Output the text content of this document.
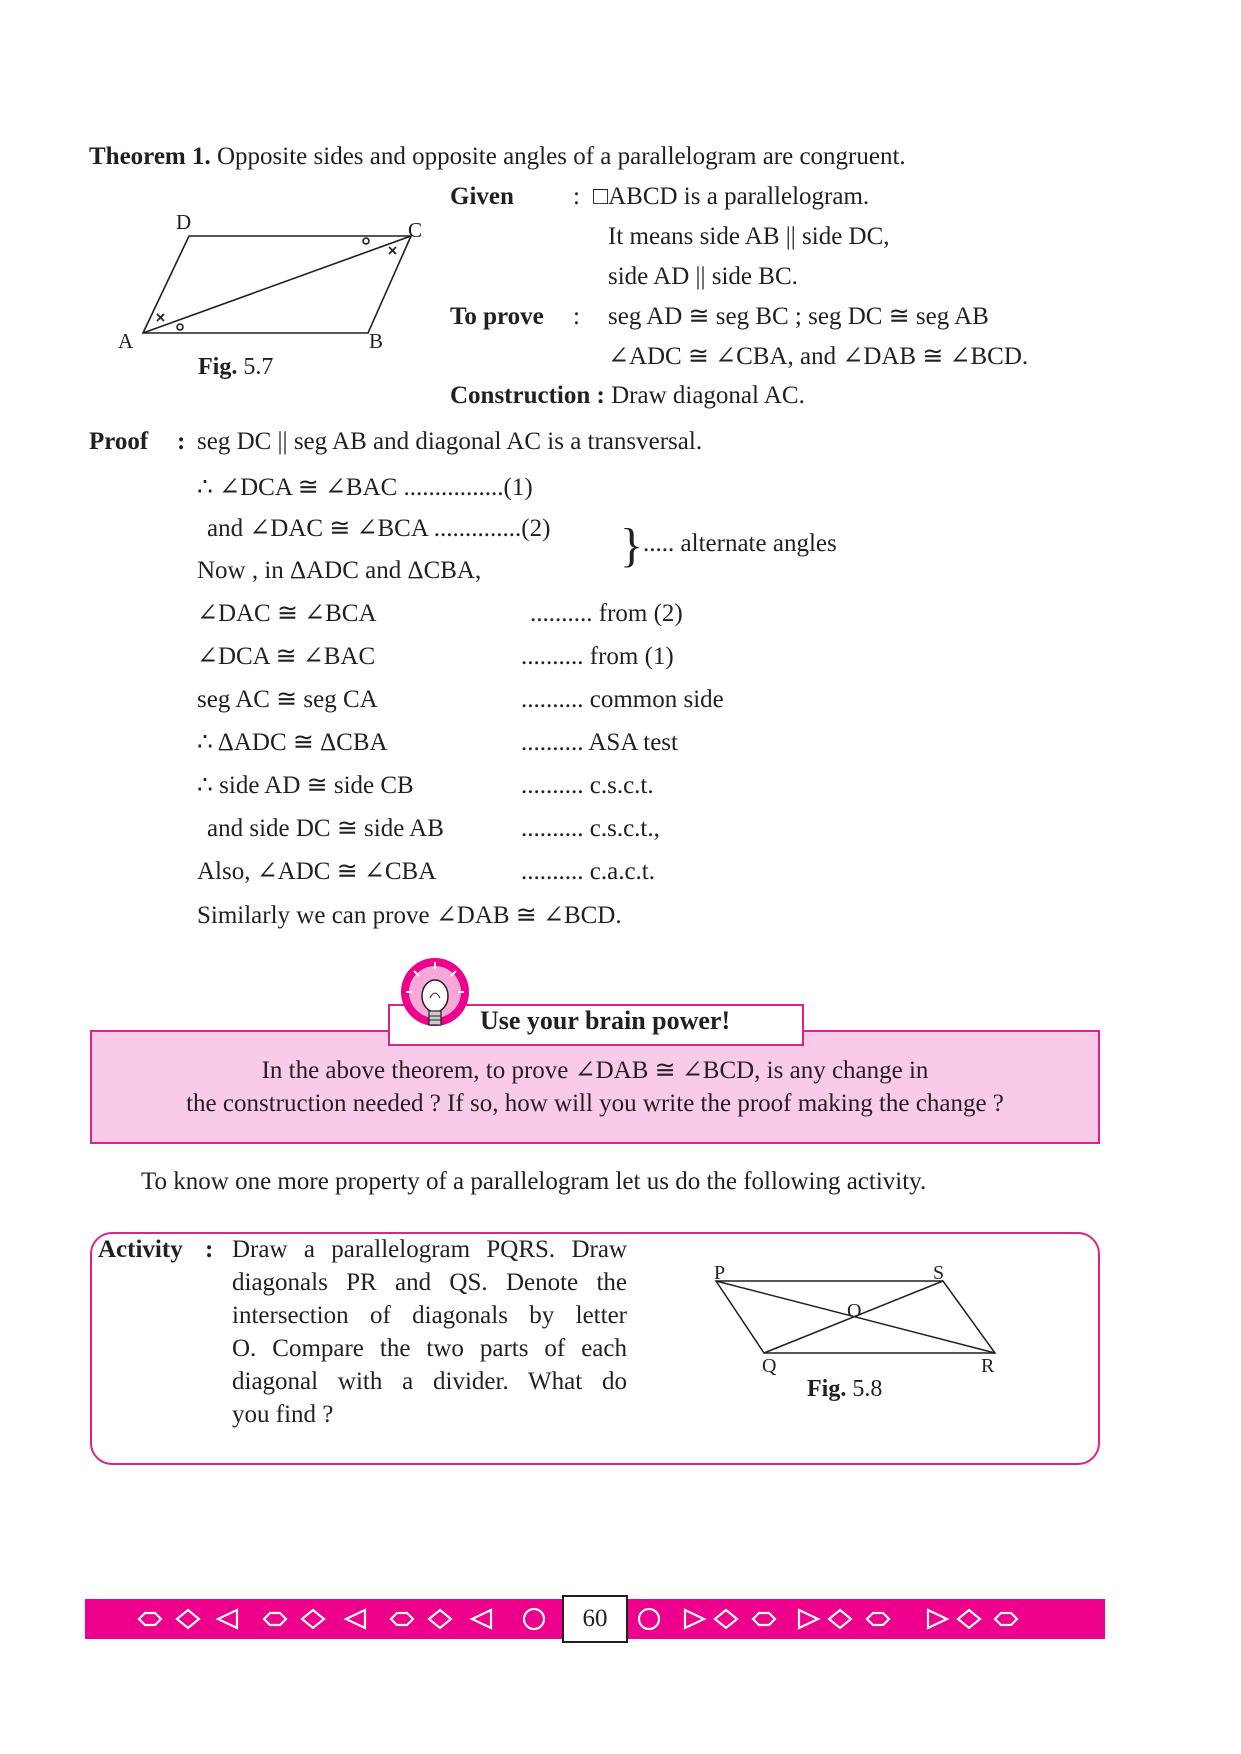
Theorem 1. Opposite sides and opposite angles of a parallelogram are congruent.
A	B
C
D
Fig. 5.7
Given : □ABCD is a parallelogram.
It means side AB || side DC,
side AD || side BC.
To prove : seg AD ≅ seg BC ; seg DC ≅ seg AB
∠ADC ≅ ∠CBA, and ∠DAB ≅ ∠BCD.
Construction : Draw diagonal AC.
Proof : seg DC || seg AB and diagonal AC is a transversal.
∴ ∠DCA ≅ ∠BAC ................(1)
and ∠DAC ≅ ∠BCA ..............(2) }..... alternate angles
Now , in ΔADC and ΔCBA,
∠DAC ≅ ∠BCA	.......... from (2)
∠DCA ≅ ∠BAC	.......... from (1)
seg AC ≅ seg CA	.......... common side
∴ ΔADC ≅ ΔCBA	.......... ASA test
∴ side AD ≅ side CB	.......... c.s.c.t.
and side DC ≅ side AB	.......... c.s.c.t.,
Also, ∠ADC ≅ ∠CBA	.......... c.a.c.t.
Similarly we can prove ∠DAB ≅ ∠BCD.
Use your brain power!
In the above theorem, to prove ∠DAB ≅ ∠BCD, is any change in
the construction needed ? If so, how will you write the proof making the change ?
To know one more property of a parallelogram let us do the following activity.
Activity : Draw a parallelogram PQRS. Draw
diagonals PR and QS. Denote the
intersection of diagonals by letter
O. Compare the two parts of each
diagonal with a divider. What do
you find ?
P	S
O
Q	R
Fig. 5.8
60
